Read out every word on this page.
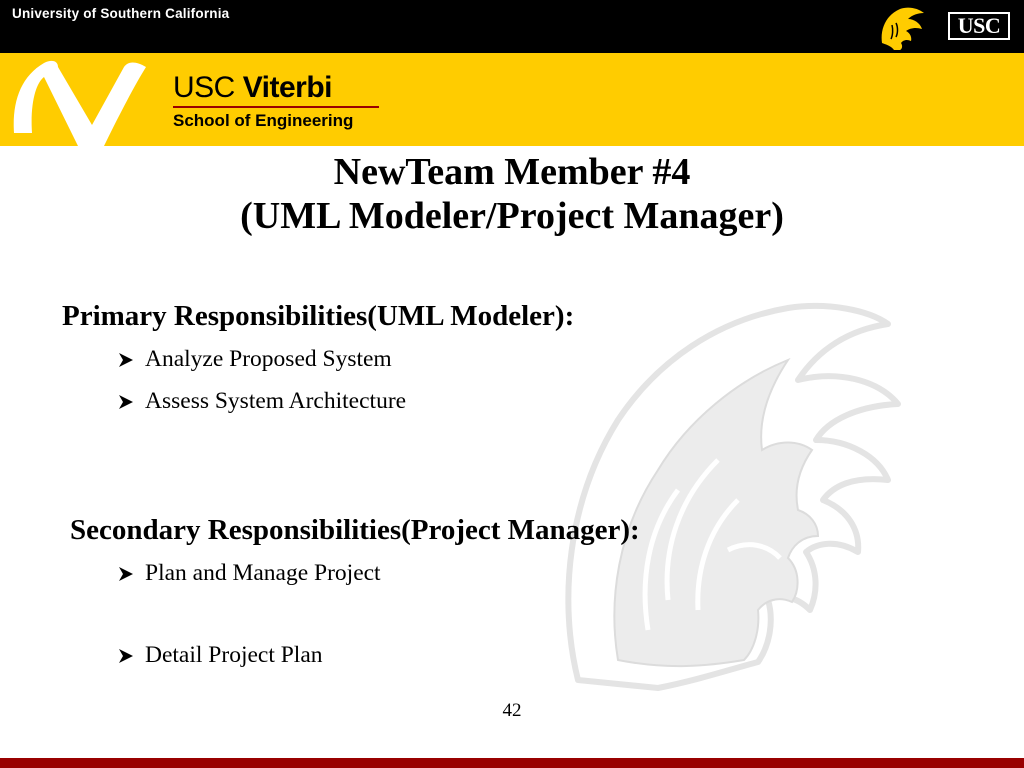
University of Southern California	USC
USC Viterbi
School of Engineering
NewTeam Member #4
(UML Modeler/Project Manager)
Primary Responsibilities(UML Modeler):
Analyze Proposed System
Assess System Architecture
Secondary Responsibilities(Project Manager):
Plan and Manage Project
Detail Project Plan
42
